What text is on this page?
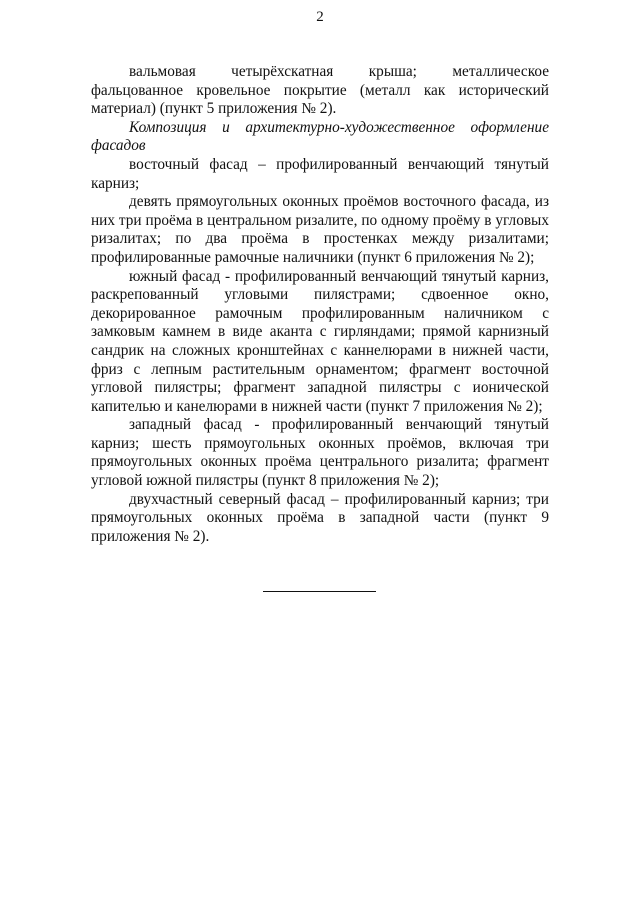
2

вальмовая четырёхскатная крыша; металлическое фальцованное кровельное покрытие (металл как исторический материал) (пункт 5 приложения № 2).

Композиция и архитектурно-художественное оформление фасадов

восточный фасад – профилированный венчающий тянутый карниз;

девять прямоугольных оконных проёмов восточного фасада, из них три проёма в центральном ризалите, по одному проёму в угловых ризалитах; по два проёма в простенках между ризалитами; профилированные рамочные наличники (пункт 6 приложения № 2);

южный фасад - профилированный венчающий тянутый карниз, раскрепованный угловыми пилястрами; сдвоенное окно, декорированное рамочным профилированным наличником с замковым камнем в виде аканта с гирляндами; прямой карнизный сандрик на сложных кронштейнах с каннелюрами в нижней части, фриз с лепным растительным орнаментом; фрагмент восточной угловой пилястры; фрагмент западной пилястры с ионической капителью и канелюрами в нижней части (пункт 7 приложения № 2);

западный фасад - профилированный венчающий тянутый карниз; шесть прямоугольных оконных проёмов, включая три прямоугольных оконных проёма центрального ризалита; фрагмент угловой южной пилястры (пункт 8 приложения № 2);

двухчастный северный фасад – профилированный карниз; три прямоугольных оконных проёма в западной части (пункт 9 приложения № 2).
